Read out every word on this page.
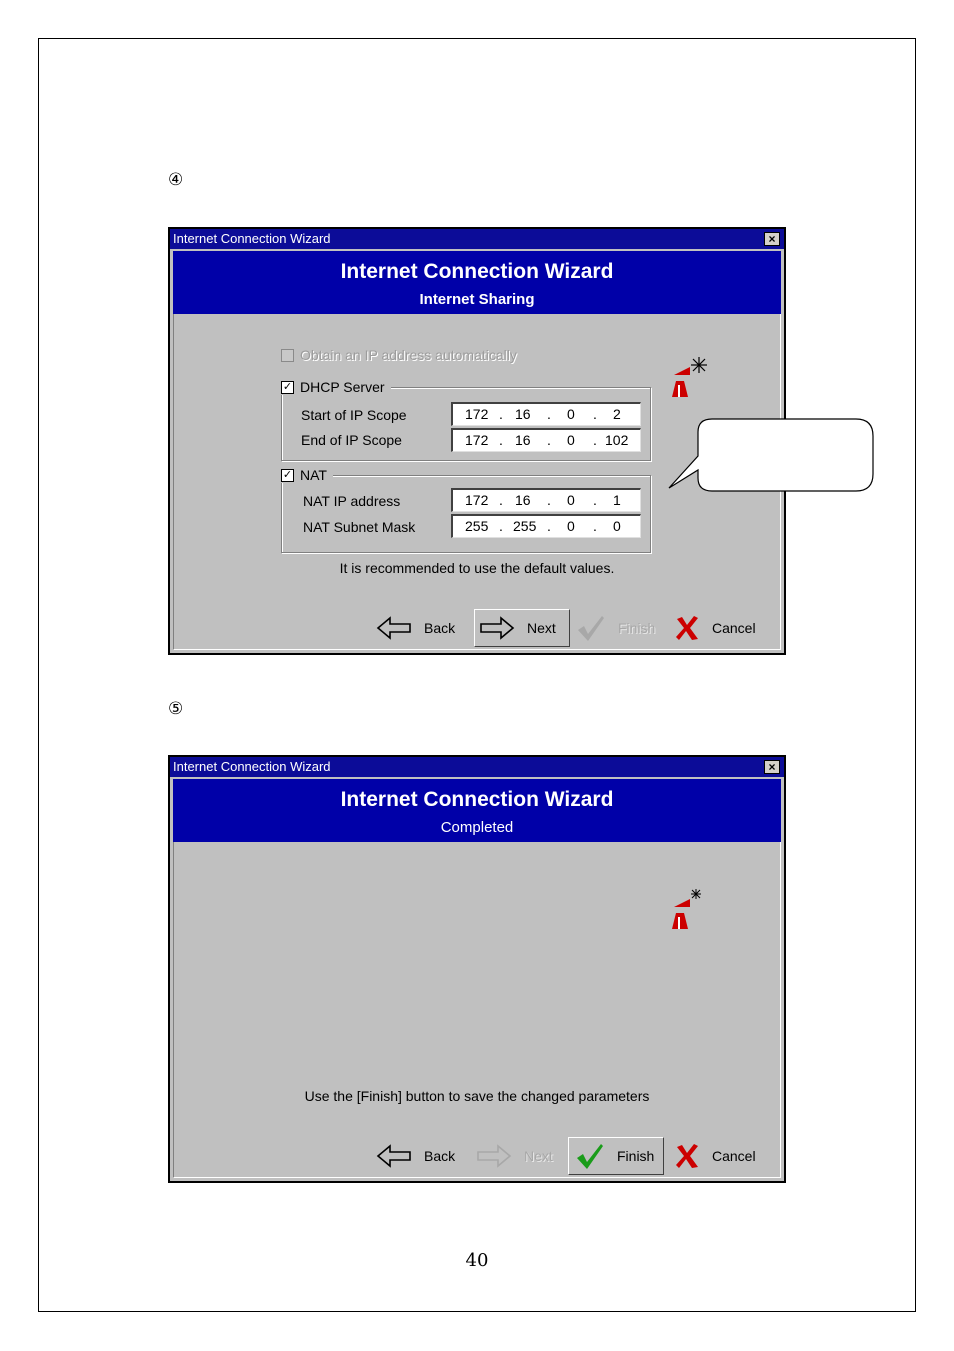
④
Internet Connection Wizard	×
Internet Connection Wizard
Internet Sharing
Obtain an IP address automatically
✓ DHCP Server
Start of IP Scope	172 . 16 . 0 . 2
End of IP Scope	172 . 16 . 0 . 102
✓ NAT
NAT IP address	172 . 16 . 0 . 1
NAT Subnet Mask	255 . 255 . 0 . 0
It is recommended to use the default values.
Back	Next	Finish	Cancel
⑤
Internet Connection Wizard	×
Internet Connection Wizard
Completed
Use the [Finish] button to save the changed parameters
Back	Next	Finish	Cancel
40
